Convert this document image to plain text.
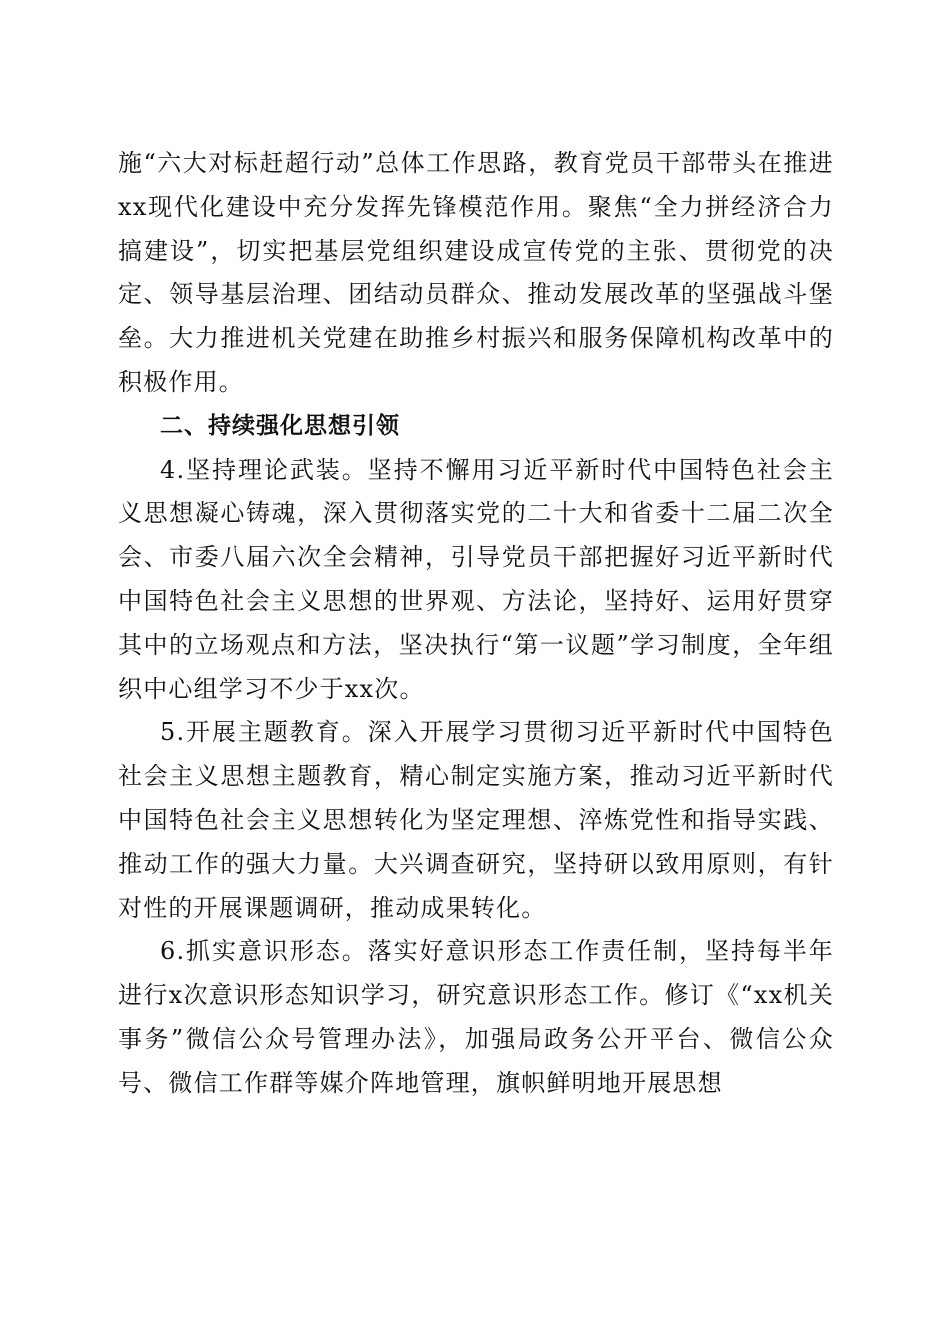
施“六大对标赶超行动”总体工作思路，教育党员干部带头在推进xx现代化建设中充分发挥先锋模范作用。聚焦“全力拼经济合力搞建设”，切实把基层党组织建设成宣传党的主张、贯彻党的决定、领导基层治理、团结动员群众、推动发展改革的坚强战斗堡垒。大力推进机关党建在助推乡村振兴和服务保障机构改革中的积极作用。

二、持续强化思想引领

4.坚持理论武装。坚持不懈用习近平新时代中国特色社会主义思想凝心铸魂，深入贯彻落实党的二十大和省委十二届二次全会、市委八届六次全会精神，引导党员干部把握好习近平新时代中国特色社会主义思想的世界观、方法论，坚持好、运用好贯穿其中的立场观点和方法，坚决执行“第一议题”学习制度，全年组织中心组学习不少于xx次。

5.开展主题教育。深入开展学习贯彻习近平新时代中国特色社会主义思想主题教育，精心制定实施方案，推动习近平新时代中国特色社会主义思想转化为坚定理想、淬炼党性和指导实践、推动工作的强大力量。大兴调查研究，坚持研以致用原则，有针对性的开展课题调研，推动成果转化。

6.抓实意识形态。落实好意识形态工作责任制，坚持每半年进行x次意识形态知识学习，研究意识形态工作。修订《“xx机关事务”微信公众号管理办法》，加强局政务公开平台、微信公众号、微信工作群等媒介阵地管理，旗帜鲜明地开展思想
